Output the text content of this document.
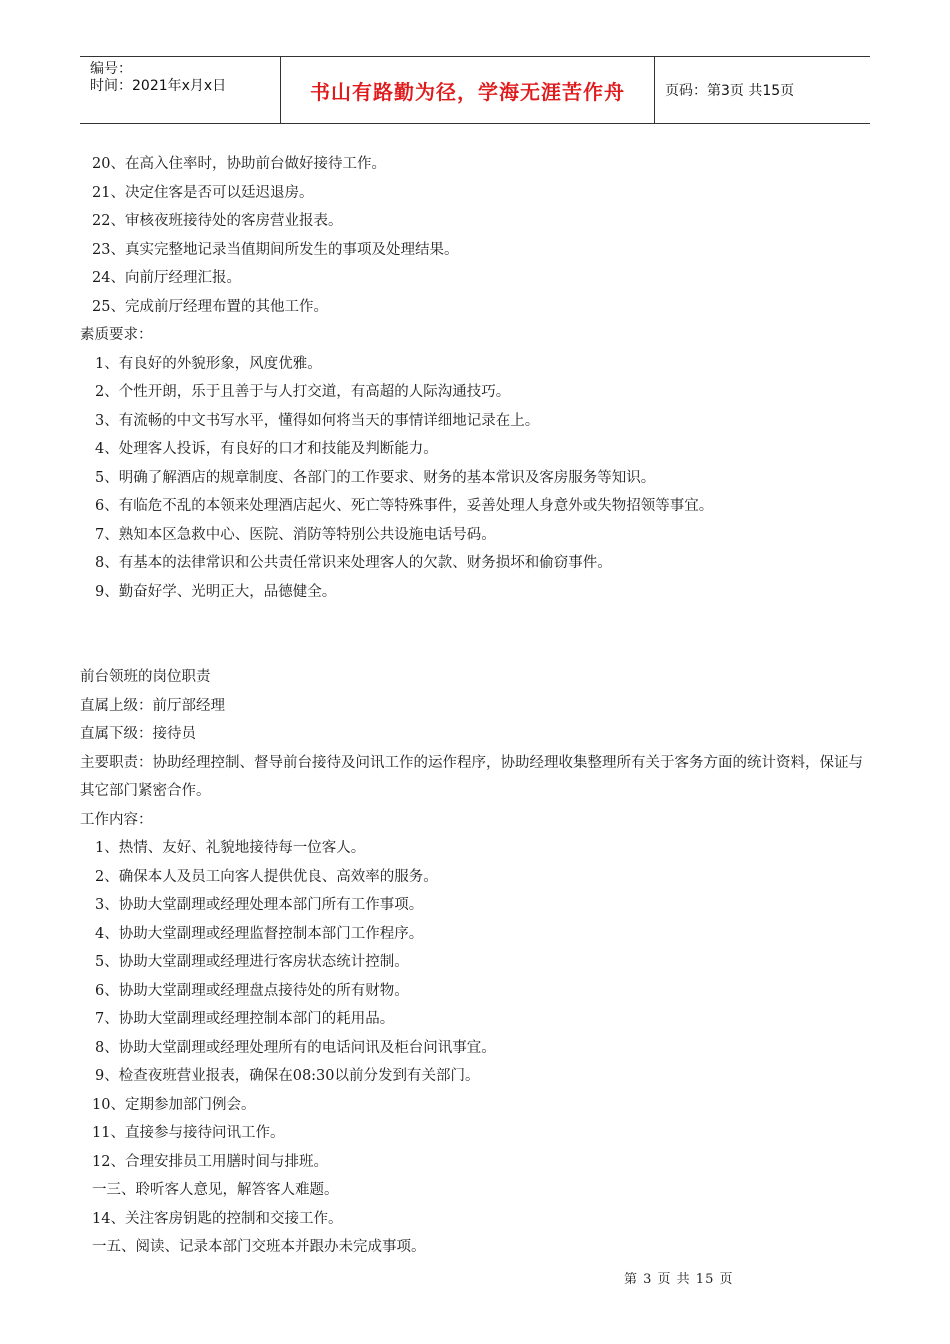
编号：
时间：2021年x月x日	书山有路勤为径，学海无涯苦作舟	页码：第3页 共15页
20、在高入住率时，协助前台做好接待工作。
21、决定住客是否可以廷迟退房。
22、审核夜班接待处的客房营业报表。
23、真实完整地记录当值期间所发生的事项及处理结果。
24、向前厅经理汇报。
25、完成前厅经理布置的其他工作。
素质要求：
1、有良好的外貌形象，风度优雅。
2、个性开朗，乐于且善于与人打交道，有高超的人际沟通技巧。
3、有流畅的中文书写水平，懂得如何将当天的事情详细地记录在上。
4、处理客人投诉，有良好的口才和技能及判断能力。
5、明确了解酒店的规章制度、各部门的工作要求、财务的基本常识及客房服务等知识。
6、有临危不乱的本领来处理酒店起火、死亡等特殊事件，妥善处理人身意外或失物招领等事宜。
7、熟知本区急救中心、医院、消防等特别公共设施电话号码。
8、有基本的法律常识和公共责任常识来处理客人的欠款、财务损坏和偷窃事件。
9、勤奋好学、光明正大，品德健全。
前台领班的岗位职责
直属上级：前厅部经理
直属下级：接待员
主要职责：协助经理控制、督导前台接待及问讯工作的运作程序，协助经理收集整理所有关于客务方面的统计资料，保证与其它部门紧密合作。
工作内容：
1、热情、友好、礼貌地接待每一位客人。
2、确保本人及员工向客人提供优良、高效率的服务。
3、协助大堂副理或经理处理本部门所有工作事项。
4、协助大堂副理或经理监督控制本部门工作程序。
5、协助大堂副理或经理进行客房状态统计控制。
6、协助大堂副理或经理盘点接待处的所有财物。
7、协助大堂副理或经理控制本部门的耗用品。
8、协助大堂副理或经理处理所有的电话问讯及柜台问讯事宜。
9、检查夜班营业报表，确保在08:30以前分发到有关部门。
10、定期参加部门例会。
11、直接参与接待问讯工作。
12、合理安排员工用膳时间与排班。
一三、聆听客人意见，解答客人难题。
14、关注客房钥匙的控制和交接工作。
一五、阅读、记录本部门交班本并跟办未完成事项。
第 3 页 共 15 页
